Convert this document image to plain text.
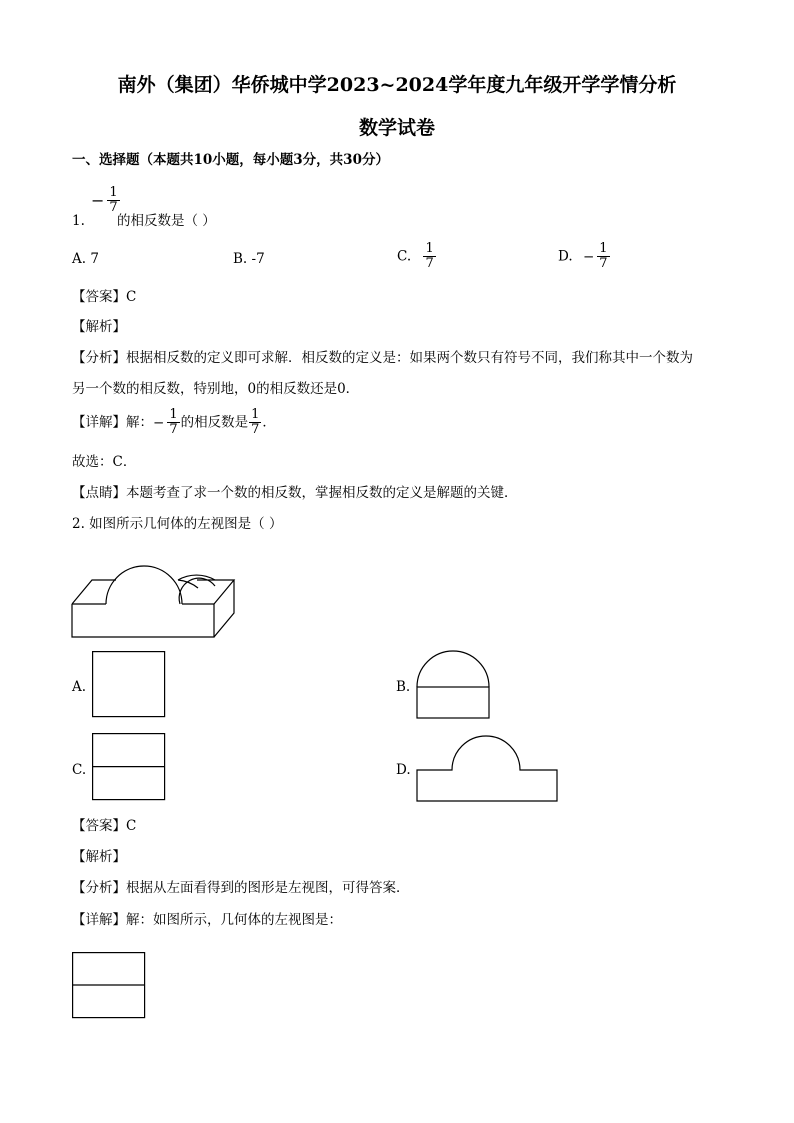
南外（集团）华侨城中学2023~2024学年度九年级开学学情分析
数学试卷
一、选择题（本题共10小题，每小题3分，共30分）
− $\frac{1}{7}$
1. 的相反数是（ ）
A. 7	B. -7	C. $\frac{1}{7}$	D. − $\frac{1}{7}$
【答案】C
【解析】
【分析】根据相反数的定义即可求解．相反数的定义是：如果两个数只有符号不同，我们称其中一个数为
另一个数的相反数，特别地，0的相反数还是0．
【详解】解：− $\frac{1}{7}$ 的相反数是 $\frac{1}{7}$ ．
故选：C．
【点睛】本题考查了求一个数的相反数，掌握相反数的定义是解题的关键．
2. 如图所示几何体的左视图是（ ）
A.	B.
C.	D.
【答案】C
【解析】
【分析】根据从左面看得到的图形是左视图，可得答案．
【详解】解：如图所示，几何体的左视图是：
